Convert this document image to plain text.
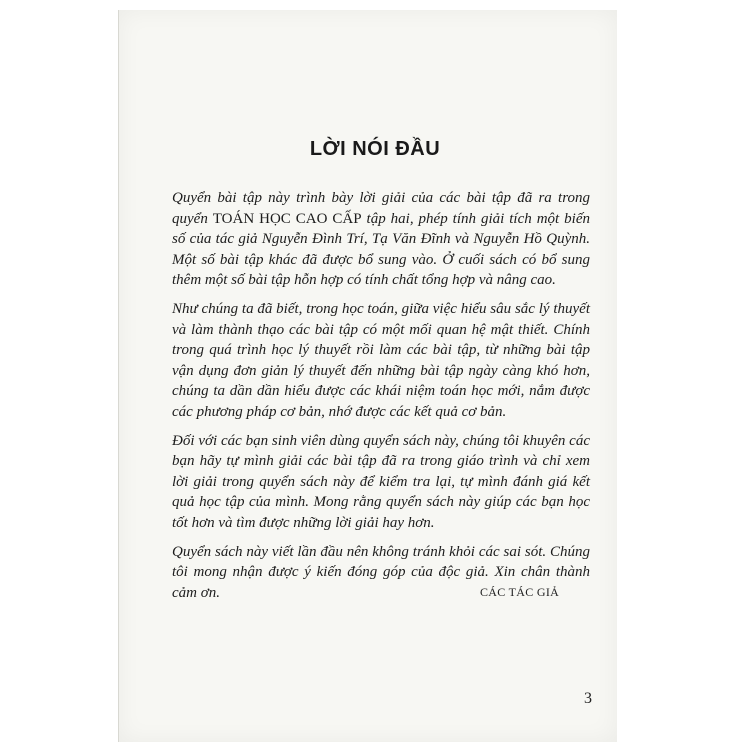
LỜI NÓI ĐẦU

Quyển bài tập này trình bày lời giải của các bài tập đã ra trong quyển TOÁN HỌC CAO CẤP tập hai, phép tính giải tích một biến số của tác giả Nguyễn Đình Trí, Tạ Văn Đĩnh và Nguyễn Hồ Quỳnh. Một số bài tập khác đã được bổ sung vào. Ở cuối sách có bổ sung thêm một số bài tập hỗn hợp có tính chất tổng hợp và nâng cao.

Như chúng ta đã biết, trong học toán, giữa việc hiểu sâu sắc lý thuyết và làm thành thạo các bài tập có một mối quan hệ mật thiết. Chính trong quá trình học lý thuyết rồi làm các bài tập, từ những bài tập vận dụng đơn giản lý thuyết đến những bài tập ngày càng khó hơn, chúng ta dần dần hiểu được các khái niệm toán học mới, nắm được các phương pháp cơ bản, nhớ được các kết quả cơ bản.

Đối với các bạn sinh viên dùng quyển sách này, chúng tôi khuyên các bạn hãy tự mình giải các bài tập đã ra trong giáo trình và chỉ xem lời giải trong quyển sách này để kiểm tra lại, tự mình đánh giá kết quả học tập của mình. Mong rằng quyển sách này giúp các bạn học tốt hơn và tìm được những lời giải hay hơn.

Quyển sách này viết lần đầu nên không tránh khỏi các sai sót. Chúng tôi mong nhận được ý kiến đóng góp của độc giả. Xin chân thành cảm ơn.	CÁC TÁC GIẢ
3
